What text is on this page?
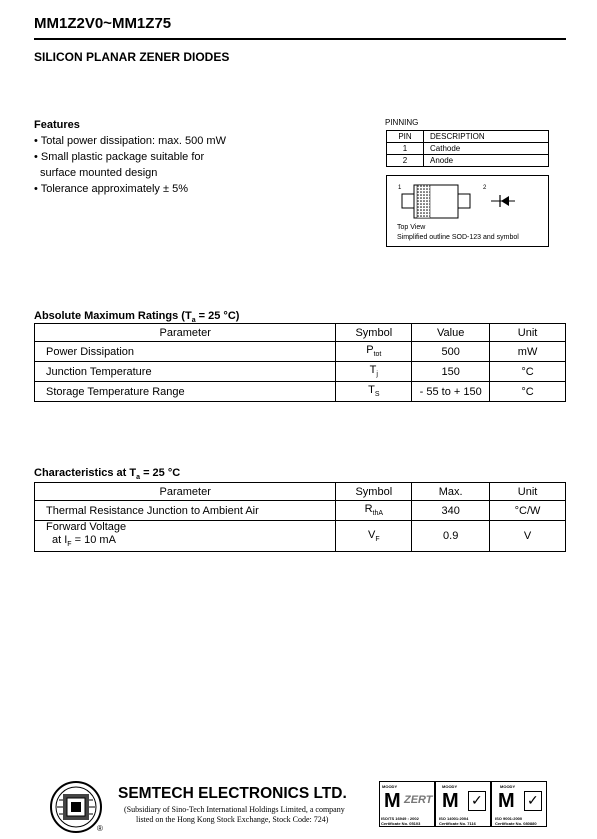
MM1Z2V0~MM1Z75
SILICON PLANAR ZENER DIODES
Features
• Total power dissipation: max. 500 mW
• Small plastic package suitable for
surface mounted design
• Tolerance approximately ± 5%
PINNING
PIN	DESCRIPTION
1	Cathode
2	Anode
1	2
Top View
Simplified outline SOD-123 and symbol
Absolute Maximum Ratings ($T_a = 25$ °C)
Parameter	Symbol	Value	Unit
Power Dissipation	$P_{tot}$	500	mW
Junction Temperature	$T_j$	150	°C
Storage Temperature Range	$T_S$	- 55 to + 150	°C
Characteristics at $T_a = 25$ °C
Parameter	Symbol	Max.	Unit
Thermal Resistance Junction to Ambient Air	$R_{thA}$	340	°C/W

Forward Voltage
at $I_F = 10$ mA	$V_F$	0.9	V
®
SEMTECH ELECTRONICS LTD.
(Subsidiary of Sino-Tech International Holdings Limited, a company
listed on the Hong Kong Stock Exchange, Stock Code: 724)
MOODY
M ZERT
ISO/TS 16949 : 2002
Certificate No. 05103
MOODY
M ✓
ISO 14001:2004
Certificate No. 7116
MOODY
M ✓
ISO 9001:2000
Certificate No. 080880
